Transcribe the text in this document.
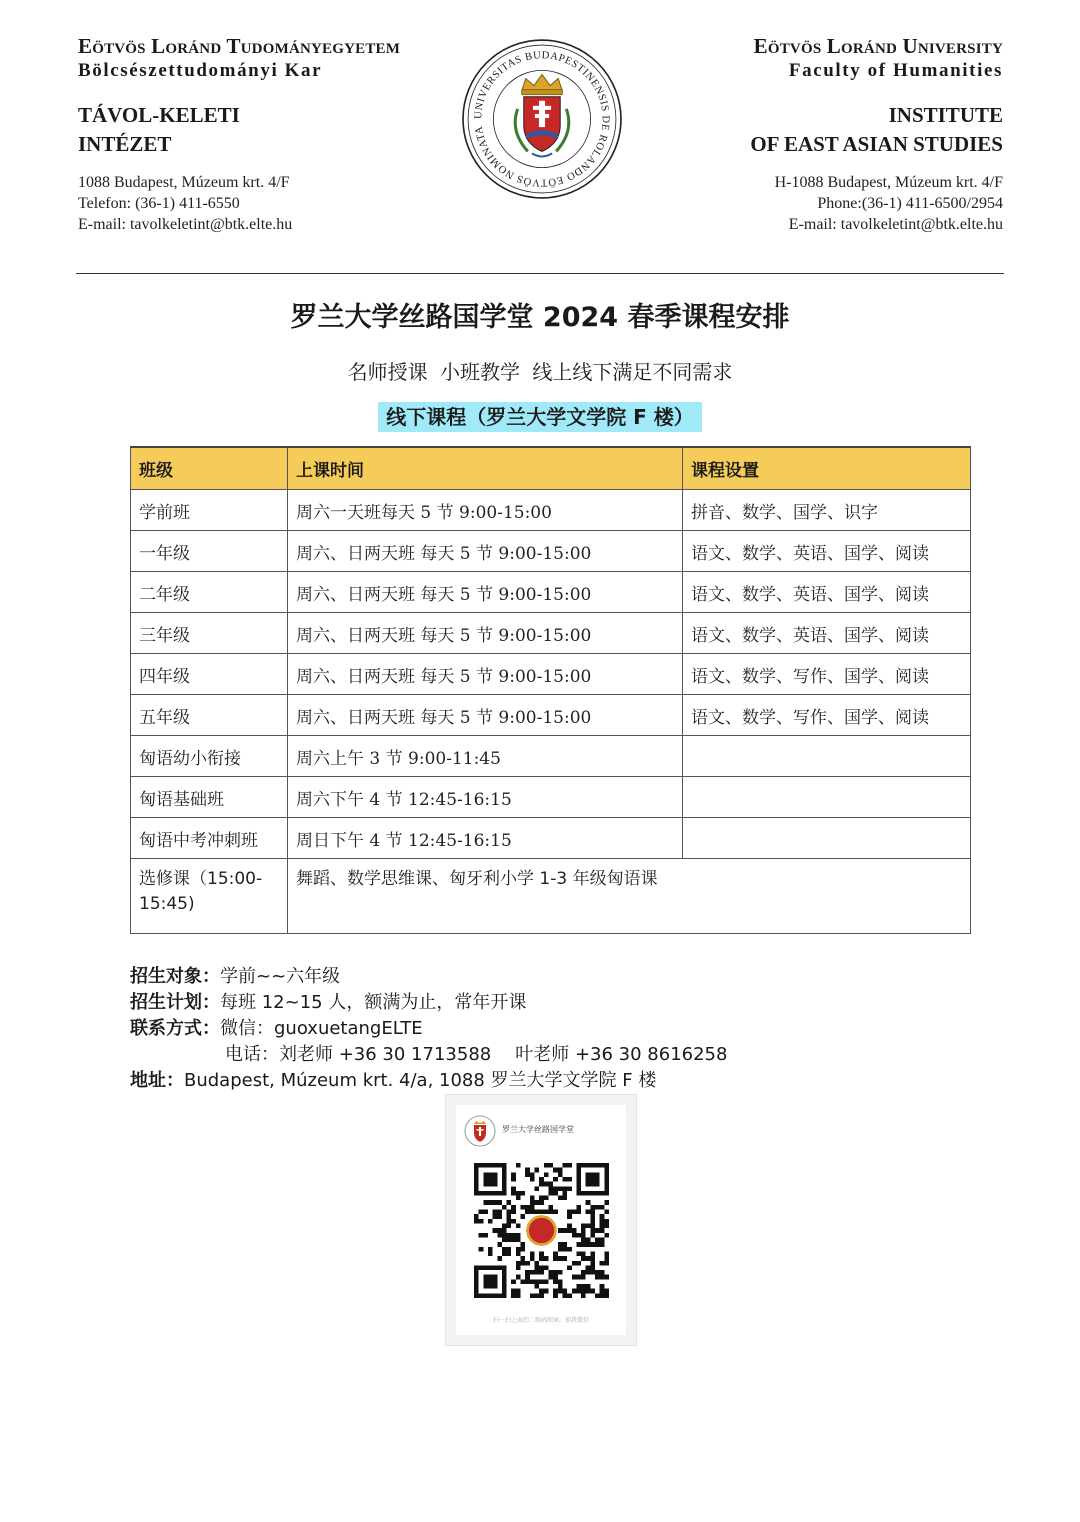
Eötvös Loránd Tudományegyetem
Bölcsészettudományi Kar
TÁVOL-KELETI
INTÉZET
1088 Budapest, Múzeum krt. 4/F
Telefon: (36-1) 411-6550
E-mail: tavolkeletint@btk.elte.hu
UNIVERSITAS BUDAPESTINENSIS DE ROLANDO EÖTVÖS NOMINATA
Eötvös Loránd University
Faculty of Humanities
INSTITUTE
OF EAST ASIAN STUDIES
H-1088 Budapest, Múzeum krt. 4/F
Phone:(36-1) 411-6500/2954
E-mail: tavolkeletint@btk.elte.hu
罗兰大学丝路国学堂 2024 春季课程安排
名师授课 小班教学 线上线下满足不同需求
线下课程（罗兰大学文学院 F 楼）
班级	上课时间	课程设置
学前班	周六一天班每天 5 节 9:00-15:00	拼音、数学、国学、识字
一年级	周六、日两天班 每天 5 节 9:00-15:00	语文、数学、英语、国学、阅读
二年级	周六、日两天班 每天 5 节 9:00-15:00	语文、数学、英语、国学、阅读
三年级	周六、日两天班 每天 5 节 9:00-15:00	语文、数学、英语、国学、阅读
四年级	周六、日两天班 每天 5 节 9:00-15:00	语文、数学、写作、国学、阅读
五年级	周六、日两天班 每天 5 节 9:00-15:00	语文、数学、写作、国学、阅读
匈语幼小衔接	周六上午 3 节 9:00-11:45	
匈语基础班	周六下午 4 节 12:45-16:15	
匈语中考冲刺班	周日下午 4 节 12:45-16:15	
选修课（15:00-15:45)	舞蹈、数学思维课、匈牙利小学 1-3 年级匈语课	
招生对象：学前~~六年级
招生计划：每班 12~15 人，额满为止，常年开课
联系方式：微信：guoxuetangELTE
电话：刘老师 +36 30 1713588 叶老师 +36 30 8616258
地址：Budapest, Múzeum krt. 4/a, 1088 罗兰大学文学院 F 楼
罗兰大学丝路国学堂
扫一扫上面的二维码图案，加我微信
